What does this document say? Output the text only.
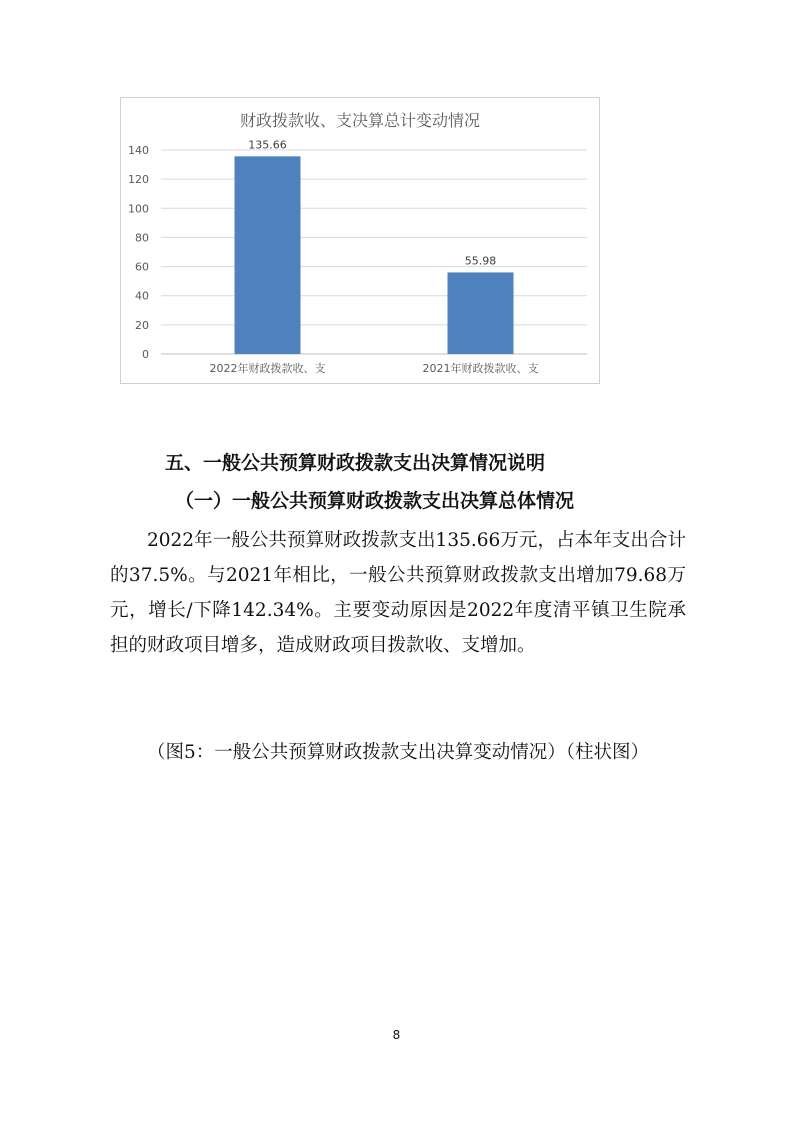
财政拨款收、支决算总计变动情况
0
20
40
60
80
100
120
140	135.66
2022年财政拨款收、支
55.98
2021年财政拨款收、支
五、一般公共预算财政拨款支出决算情况说明
（一）一般公共预算财政拨款支出决算总体情况

2022年一般公共预算财政拨款支出135.66万元，占本年支出合计的37.5%。与2021年相比，一般公共预算财政拨款支出增加79.68万元，增长/下降142.34%。主要变动原因是2022年度清平镇卫生院承担的财政项目增多，造成财政项目拨款收、支增加。

（图5：一般公共预算财政拨款支出决算变动情况）（柱状图）

8
